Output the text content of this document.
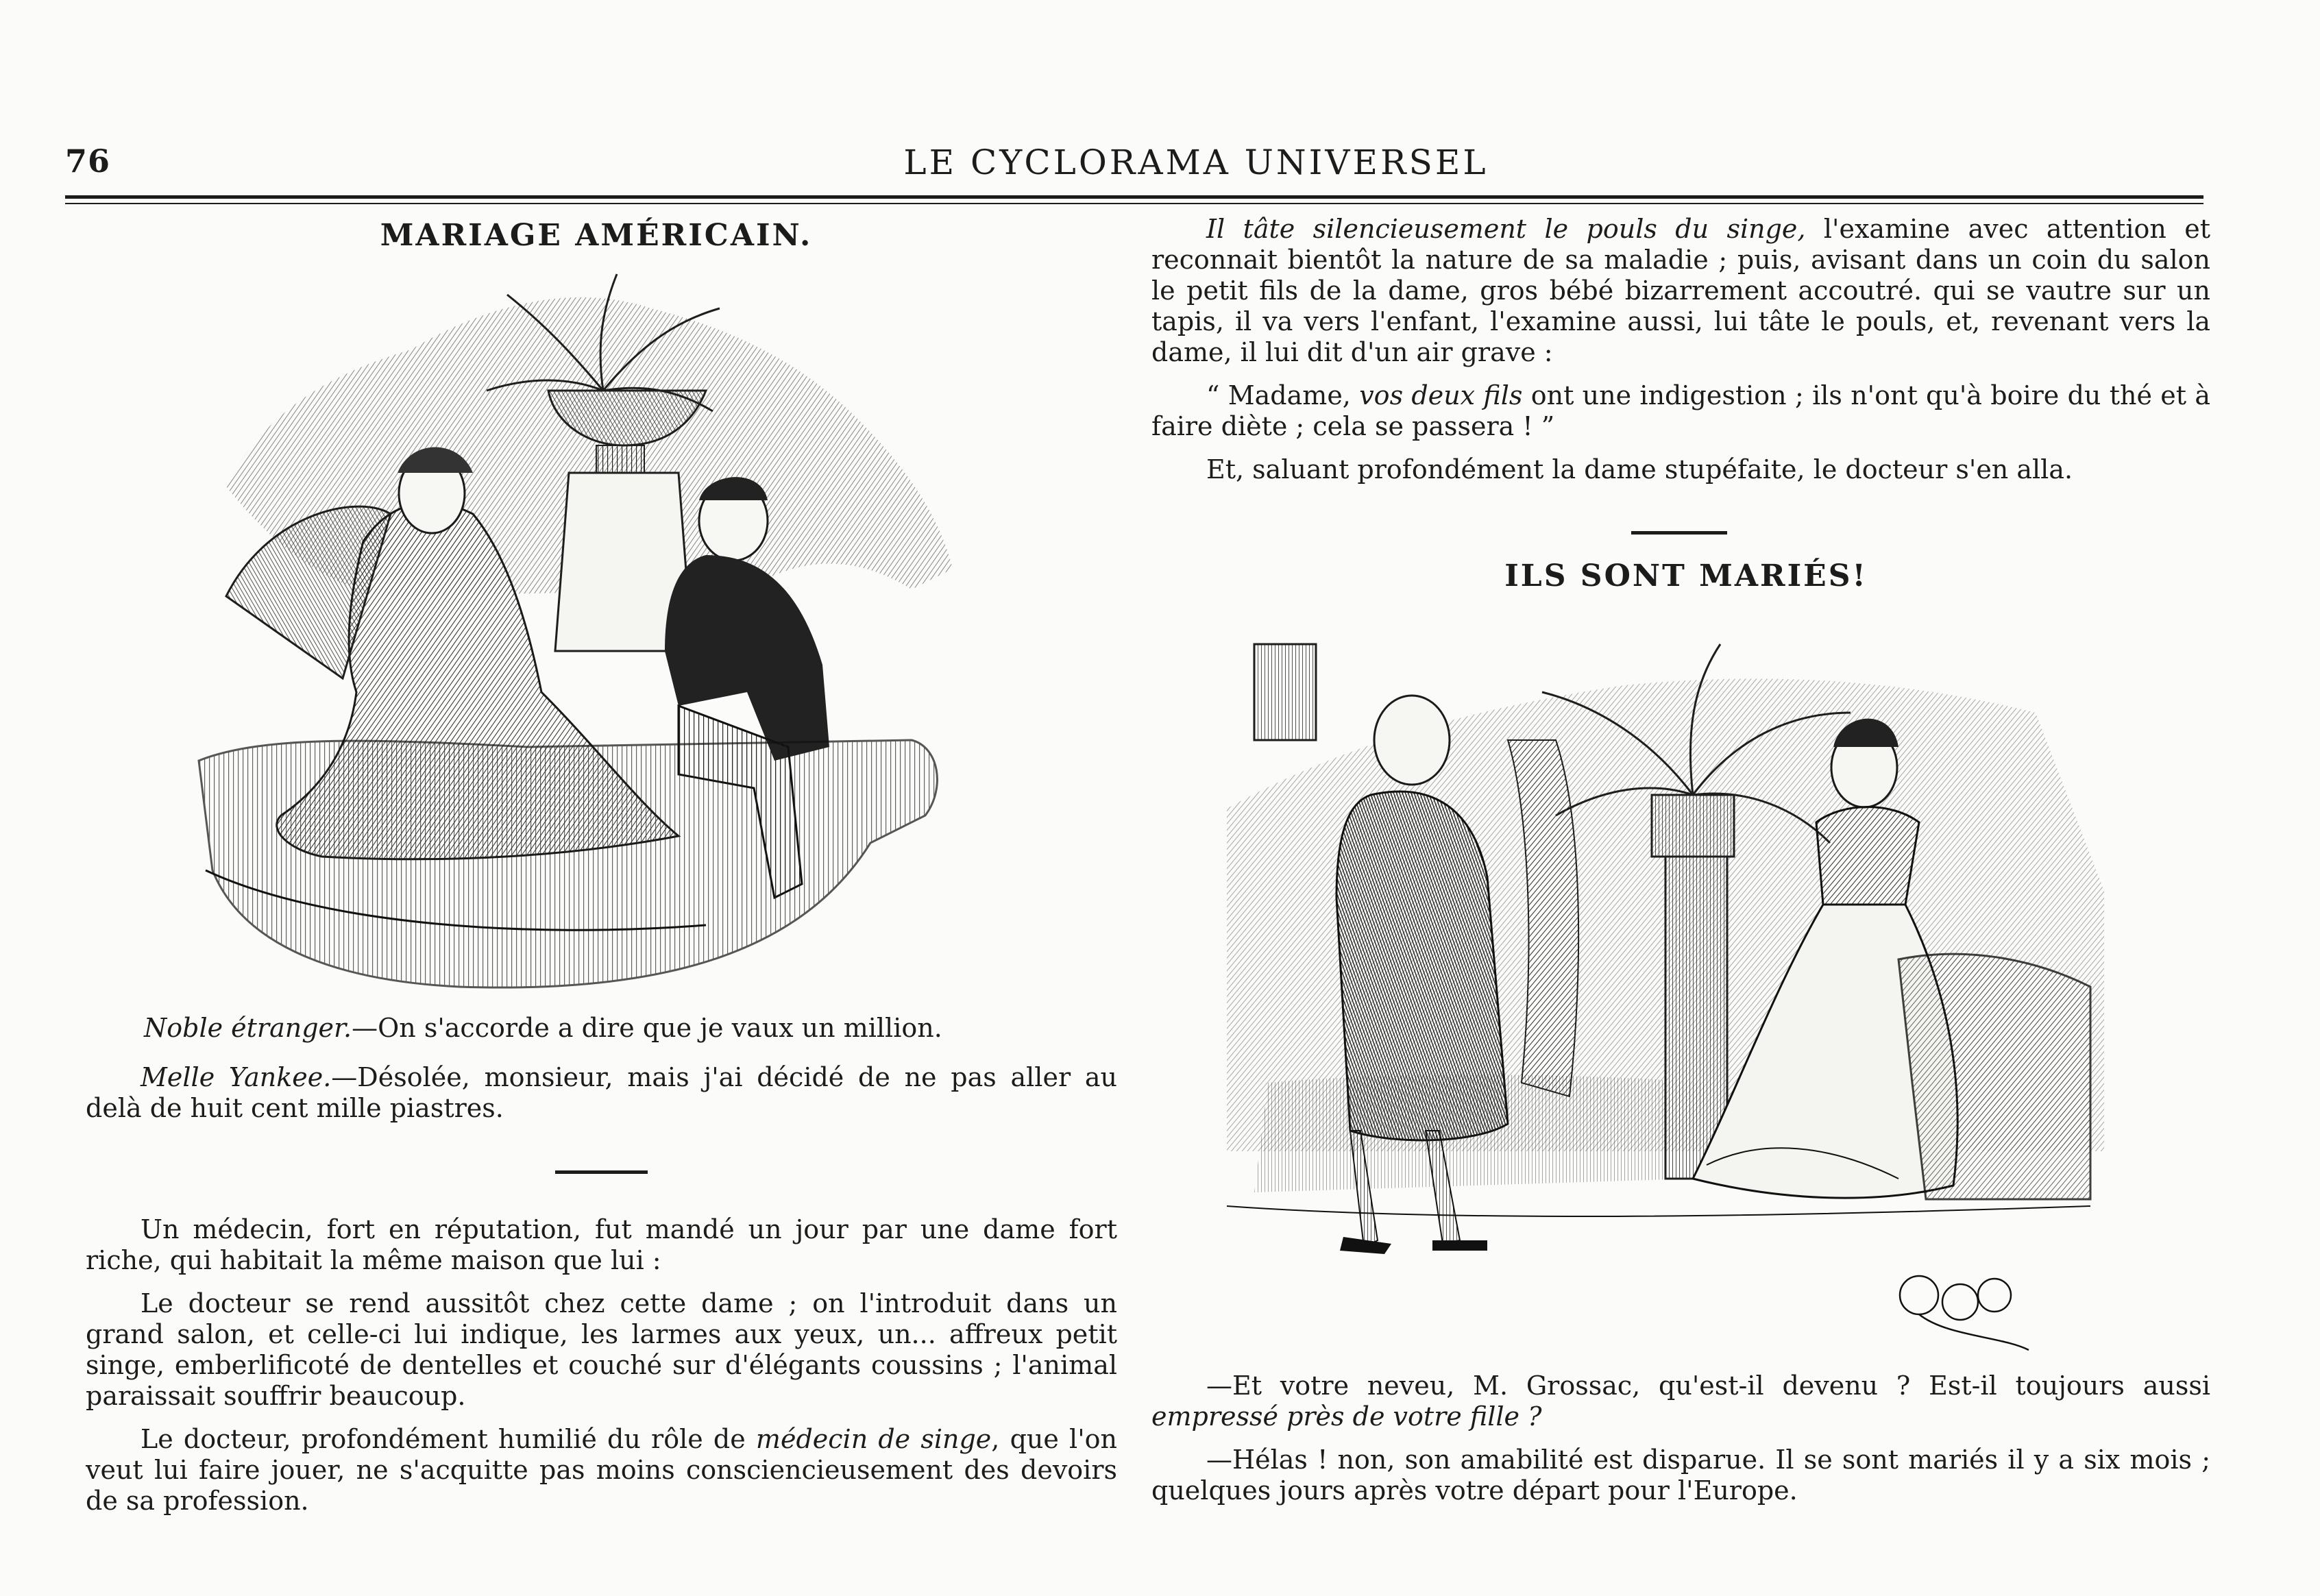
76	LE CYCLORAMA UNIVERSEL
MARIAGE AMÉRICAIN.

Noble étranger.—On s'accorde a dire que je vaux un million.

Melle Yankee.—Désolée, monsieur, mais j'ai décidé de ne pas aller au delà de huit cent mille piastres.

Un médecin, fort en réputation, fut mandé un jour par une dame fort riche, qui habitait la même maison que lui :

Le docteur se rend aussitôt chez cette dame ; on l'introduit dans un grand salon, et celle-ci lui indique, les larmes aux yeux, un... affreux petit singe, emberlificoté de dentelles et couché sur d'élégants coussins ; l'animal paraissait souffrir beaucoup.

Le docteur, profondément humilié du rôle de médecin de singe, que l'on veut lui faire jouer, ne s'acquitte pas moins consciencieusement des devoirs de sa profession.

Il tâte silencieusement le pouls du singe, l'examine avec attention et reconnait bientôt la nature de sa maladie ; puis, avisant dans un coin du salon le petit fils de la dame, gros bébé bizarrement accoutré. qui se vautre sur un tapis, il va vers l'enfant, l'examine aussi, lui tâte le pouls, et, revenant vers la dame, il lui dit d'un air grave :

“ Madame, vos deux fils ont une indigestion ; ils n'ont qu'à boire du thé et à faire diète ; cela se passera ! ”

Et, saluant profondément la dame stupéfaite, le docteur s'en alla.

ILS SONT MARIÉS!

—Et votre neveu, M. Grossac, qu'est-il devenu ? Est-il toujours aussi empressé près de votre fille ?

—Hélas ! non, son amabilité est disparue. Il se sont mariés il y a six mois ; quelques jours après votre départ pour l'Europe.
